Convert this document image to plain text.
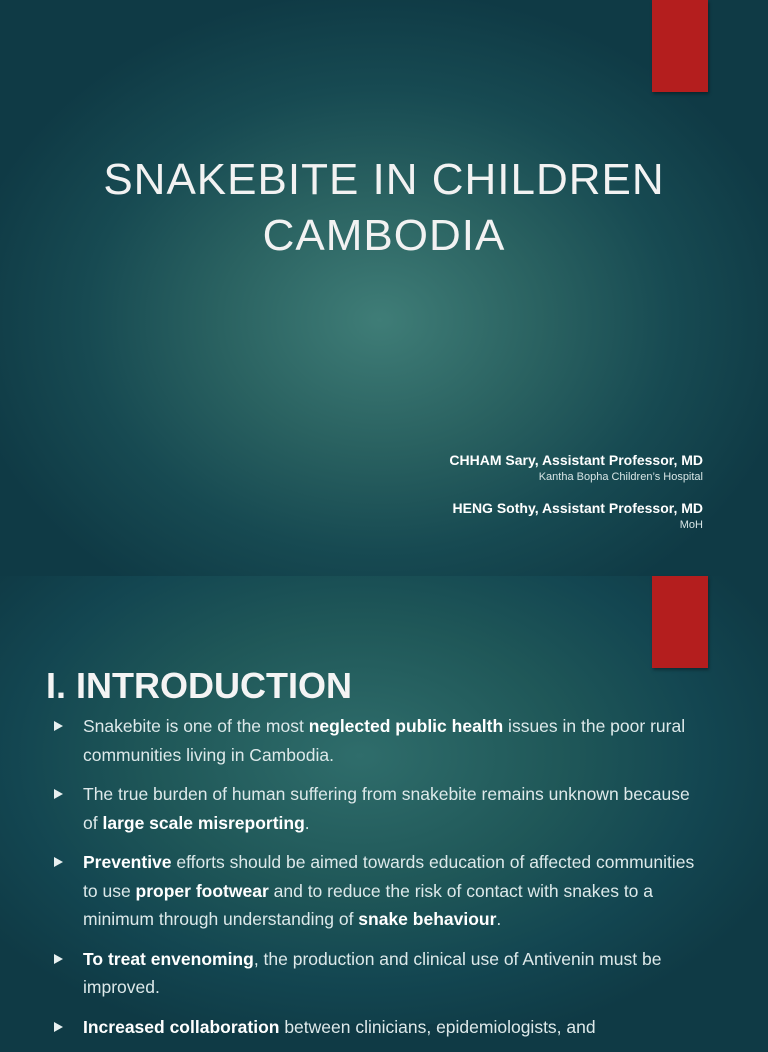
SNAKEBITE IN CHILDREN
CAMBODIA
CHHAM Sary, Assistant Professor, MD
Kantha Bopha Children’s Hospital
HENG Sothy, Assistant Professor, MD
MoH
I. INTRODUCTION
Snakebite is one of the most neglected public health issues in the poor rural communities living in Cambodia.
The true burden of human suffering from snakebite remains unknown because of large scale misreporting.
Preventive efforts should be aimed towards education of affected communities to use proper footwear and to reduce the risk of contact with snakes to a minimum through understanding of snake behaviour.
To treat envenoming, the production and clinical use of Antivenin must be improved.
Increased collaboration between clinicians, epidemiologists, and
